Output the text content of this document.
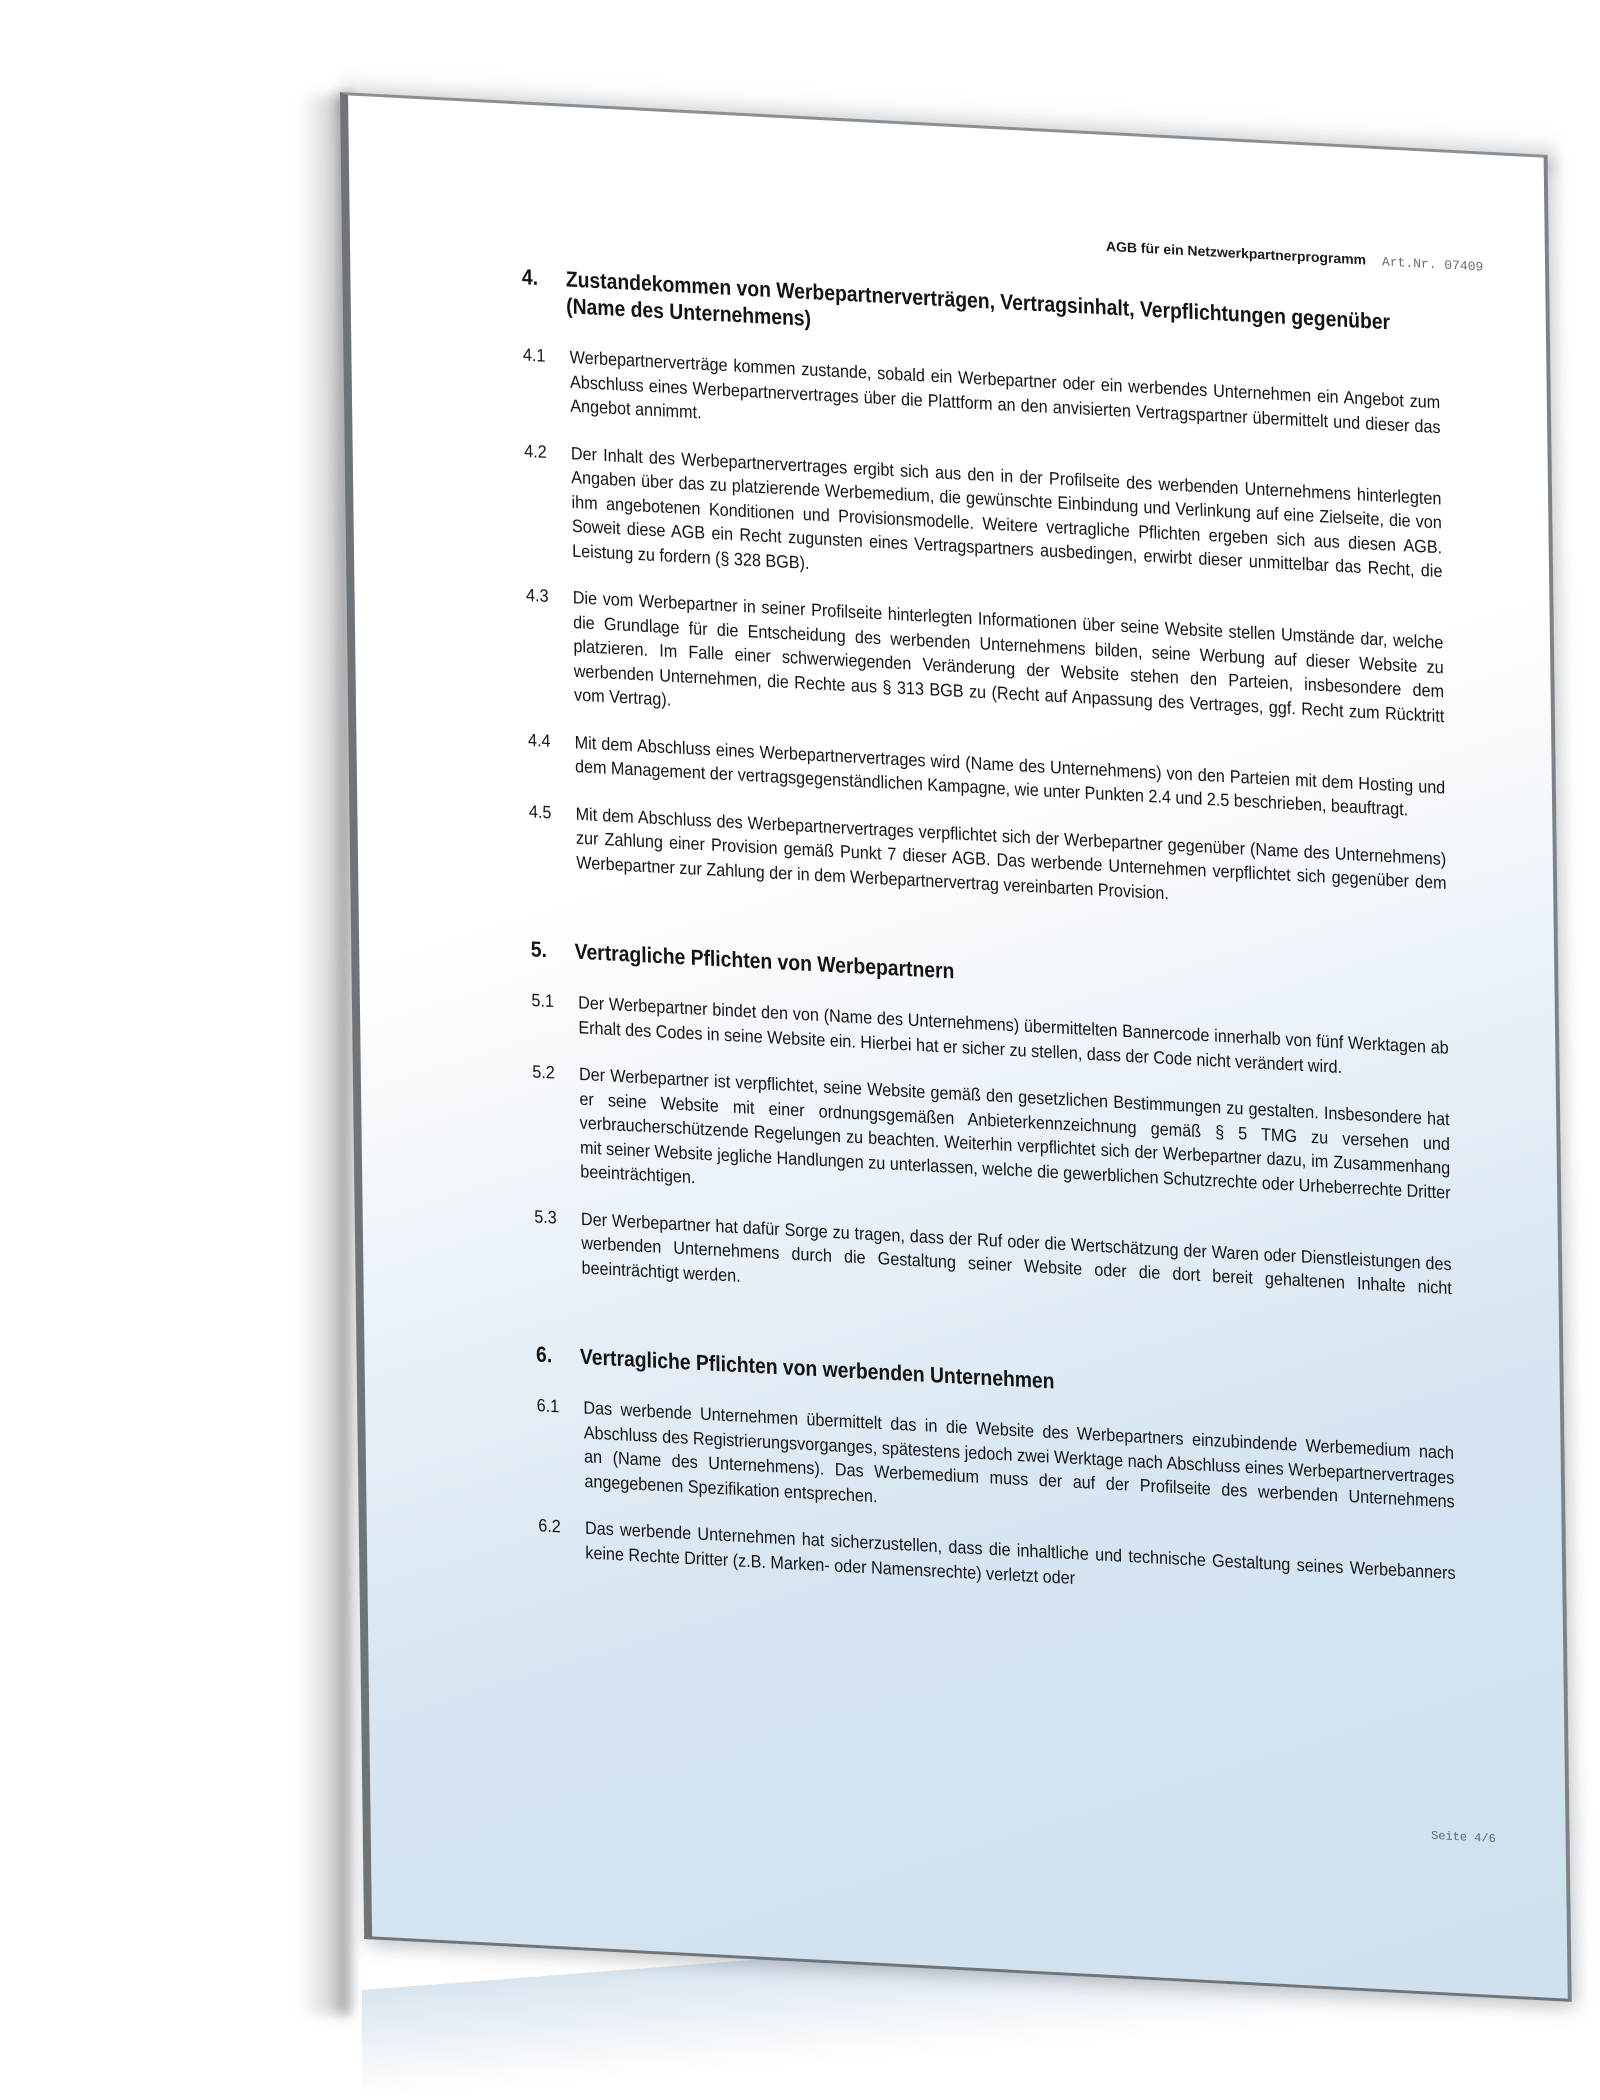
AGB für ein Netzwerkpartnerprogramm Art.Nr. 07409
4.	Zustandekommen von Werbepartnerverträgen, Vertragsinhalt, Verpflichtungen gegenüber (Name des Unternehmens)
4.1	Werbepartnerverträge kommen zustande, sobald ein Werbepartner oder ein werbendes Unternehmen ein Angebot zum Abschluss eines Werbepartnervertrages über die Plattform an den anvisierten Vertragspartner übermittelt und dieser das Angebot annimmt.
4.2	Der Inhalt des Werbepartnervertrages ergibt sich aus den in der Profilseite des werbenden Unternehmens hinterlegten Angaben über das zu platzierende Werbemedium, die gewünschte Einbindung und Verlinkung auf eine Zielseite, die von ihm angebotenen Konditionen und Provisionsmodelle. Weitere vertragliche Pflichten ergeben sich aus diesen AGB. Soweit diese AGB ein Recht zugunsten eines Vertragspartners ausbedingen, erwirbt dieser unmittelbar das Recht, die Leistung zu fordern (§ 328 BGB).
4.3	Die vom Werbepartner in seiner Profilseite hinterlegten Informationen über seine Website stellen Umstände dar, welche die Grundlage für die Entscheidung des werbenden Unternehmens bilden, seine Werbung auf dieser Website zu platzieren. Im Falle einer schwerwiegenden Veränderung der Website stehen den Parteien, insbesondere dem werbenden Unternehmen, die Rechte aus § 313 BGB zu (Recht auf Anpassung des Vertrages, ggf. Recht zum Rücktritt vom Vertrag).
4.4	Mit dem Abschluss eines Werbepartnervertrages wird (Name des Unternehmens) von den Parteien mit dem Hosting und dem Management der vertragsgegenständlichen Kampagne, wie unter Punkten 2.4 und 2.5 beschrieben, beauftragt.
4.5	Mit dem Abschluss des Werbepartnervertrages verpflichtet sich der Werbepartner gegenüber (Name des Unternehmens) zur Zahlung einer Provision gemäß Punkt 7 dieser AGB. Das werbende Unternehmen verpflichtet sich gegenüber dem Werbepartner zur Zahlung der in dem Werbepartnervertrag vereinbarten Provision.
5.	Vertragliche Pflichten von Werbepartnern
5.1	Der Werbepartner bindet den von (Name des Unternehmens) übermittelten Bannercode innerhalb von fünf Werktagen ab Erhalt des Codes in seine Website ein. Hierbei hat er sicher zu stellen, dass der Code nicht verändert wird.
5.2	Der Werbepartner ist verpflichtet, seine Website gemäß den gesetzlichen Bestimmungen zu gestalten. Insbesondere hat er seine Website mit einer ordnungsgemäßen Anbieterkennzeichnung gemäß § 5 TMG zu versehen und verbraucherschützende Regelungen zu beachten. Weiterhin verpflichtet sich der Werbepartner dazu, im Zusammenhang mit seiner Website jegliche Handlungen zu unterlassen, welche die gewerblichen Schutzrechte oder Urheberrechte Dritter beeinträchtigen.
5.3	Der Werbepartner hat dafür Sorge zu tragen, dass der Ruf oder die Wertschätzung der Waren oder Dienstleistungen des werbenden Unternehmens durch die Gestaltung seiner Website oder die dort bereit gehaltenen Inhalte nicht beeinträchtigt werden.
6.	Vertragliche Pflichten von werbenden Unternehmen
6.1	Das werbende Unternehmen übermittelt das in die Website des Werbepartners einzubindende Werbemedium nach Abschluss des Registrierungsvorganges, spätestens jedoch zwei Werktage nach Abschluss eines Werbepartnervertrages an (Name des Unternehmens). Das Werbemedium muss der auf der Profilseite des werbenden Unternehmens angegebenen Spezifikation entsprechen.
6.2	Das werbende Unternehmen hat sicherzustellen, dass die inhaltliche und technische Gestaltung seines Werbebanners keine Rechte Dritter (z.B. Marken- oder Namensrechte) verletzt oder
Seite 4/6
